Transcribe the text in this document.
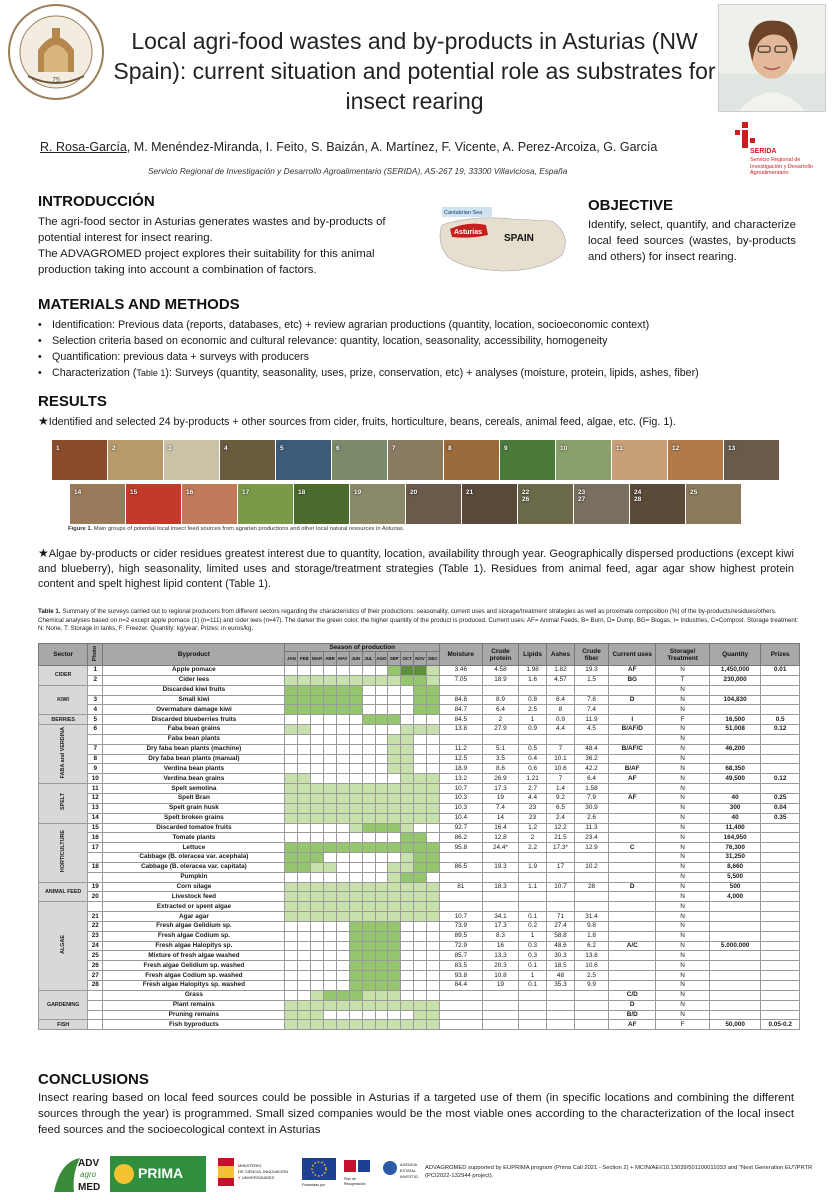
75
Local agri-food wastes and by-products in Asturias (NW Spain): current situation and potential role as substrates for insect rearing
R. Rosa-García, M. Menéndez-Miranda, I. Feito, S. Baizán, A. Martínez, F. Vicente, A. Perez-Arcoiza, G. García
Servicio Regional de Investigación y Desarrollo Agroalimentario (SERIDA), AS-267 19, 33300 Villaviciosa, España
SERIDA
Servicio Regional de Investigación y Desarrollo Agroalimentario
INTRODUCCIÓN

The agri-food sector in Asturias generates wastes and by-products of potential interest for insect rearing.

The ADVAGROMED project explores their suitability for this animal production taking into account a combination of factors.

Cantabrian Sea
Asturias
SPAIN
OBJECTIVE
Identify, select, quantify, and characterize local feed sources (wastes, by-products and others) for insect rearing.
MATERIALS AND METHODS
• Identification: Previous data (reports, databases, etc) + review agrarian productions (quantity, location, socioeconomic context)
• Selection criteria based on economic and cultural relevance: quantity, location, seasonality, accessibility, homogeneity
• Quantification: previous data + surveys with producers
• Characterization (Table 1): Surveys (quantity, seasonality, uses, prize, conservation, etc) + analyses (moisture, protein, lipids, ashes, fiber)
RESULTS
★Identified and selected 24 by-products + other sources from cider, fruits, horticulture, beans, cereals, animal feed, algae, etc. (Fig. 1).
1	2	3	4	5	6	7	8	9	10	11	12	13
14	15	16	17	18	19	20	21	22
26
23
27
24
28
25
Figure 1. Main groups of potential local insect feed sources from agrarian productions and other local natural resources in Asturias.
★Algae by-products or cider residues greatest interest due to quantity, location, availability through year. Geographically dispersed productions (except kiwi and blueberry), high seasonality, limited uses and storage/treatment strategies (Table 1). Residues from animal feed, agar agar show highest protein content and spelt highest lipid content (Table 1).
Table 1. Summary of the surveys carried out to regional producers from different sectors regarding the characteristics of their productions: seasonality, current uses and storage/treatment strategies as well as proximate composition (%) of the by-products/residues/others. Chemical analyses based on n=2 except apple pomace (1) (n=111) and cider lees (n=47). The darker the green color, the higher quantity of the product is produced. Current uses: AF= Animal Feeds, B= Burn, D= Dump, BG= Biogas, I= Industries, C=Compost. Storage treatment: N: None, T: Storage in tanks, F: Freezer. Quantity: kg/year; Prizes: in euros/kg.
Sector	Photo	Byproduct	Season of production												Moisture	Crude protein	Lipids	Ashes	Crude fiber	Current uses	Storage/ Treatment	Quantity	Prizes
			JAN	FEB	MAR	ABR	MAY	JUN	JUL	AGO	SEP	OCT	NOV	DEC									
CIDER	1	Apple pomace													3.46	4.58	1.98	1.82	19.3	AF	N	1,450,000	0.01
	2	Cider lees													7.05	18.9	1.6	4.57	1.5	BG	T	230,000	
KIWI		Discarded kiwi fruits																			N		
	3	Small kiwi													84.8	8.9	0.8	8.4	7.8	D	N	104,830	
	4	Overmature damage kiwi													84.7	6.4	2.5	8	7.4		N		
BERRIES	5	Discarded blueberries fruits													84.5	2	1	0.9	11.9	I	F	16,500	0.5
FABA and VERDINA	6	Faba bean grains													13.8	27.9	0.9	4.4	4.5	B/AF/D	N	51,008	0.12
		Faba bean plants																			N		
	7	Dry faba bean plants (machine)													11.2	5.1	0.5	7	48.4	B/AF/C	N	46,200	
	8	Dry faba bean plants (manual)													12.5	3.5	0.4	10.1	36.2		N		
	9	Verdina bean plants													18.9	8.6	0.6	10.6	42.2	B/AF	N	68,350	
	10	Verdina bean grains													13.2	26.9	1.21	7	6.4	AF	N	49,500	0.12
SPELT	11	Spelt semolina													10.7	17.3	2.7	1.4	1.58		N		
	12	Spelt Bran													10.3	19	4.4	9.2	7.9	AF	N	40	0.25
	13	Spelt grain husk													10.3	7.4	23	6.5	30.9		N	300	0.04
	14	Spelt broken grains													10.4	14	23	2.4	2.6		N	40	0.35
HORTICULTURE	15	Discarded tomatoe fruits													92.7	16.4	1.2	12.2	11.3		N	11,400	
	16	Tomate plants													86.2	12.8	2	21.5	23.4		N	164,950	
	17	Lettuce													95.8	24.4*	2.2	17.3*	12.9	C	N	76,300	
		Cabbage (B. oleracea var. acephala)																			N	31,250	
	18	Cabbage (B. oleracea var. capitata)													86.5	19.3	1.9	17	10.2		N	8,660	
		Pumpkin																			N	5,500	
ANIMAL FEED	19	Corn silage													81	18.3	1.1	10.7	28	D	N	500	
	20	Livestock feed																			N	4,000	
ALGAE		Extracted or spent algae																			N		
	21	Agar agar													10.7	34.1	0.1	71	31.4		N		
	22	Fresh algae Gelidium sp.													73.9	17.3	0.2	27.4	9.8		N		
	23	Fresh algae Codium sp.													89.5	8.3	1	58.8	1.8		N		
	24	Fresh algae Halopitys sp.													72.9	16	0.3	48.6	6.2	A/C	N	5.000.000	
	25	Mixture of fresh algae washed													85.7	13.3	0.3	30.3	13.8		N		
	26	Fresh algae Gelidium sp. washed													83.5	20.3	0.1	18.5	10.6		N		
	27	Fresh algae Codium sp. washed													93.8	10.8	1	48	2.5		N		
	28	Fresh algae Halopitys sp. washed													84.4	19	0.1	35.3	9.9		N		
GARDENING		Grass																		C/D	N		
		Plant remains																		D	N		
		Pruning remains																		B/D	N		
FISH		Fish byproducts																		AF	F	50,000	0.05-0.2
CONCLUSIONS
Insect rearing based on local feed sources could be possible in Asturias if a targeted use of them (in specific locations and combining the different sources through the year) is programmed. Small sized companies would be the most viable ones according to the characterization of the local insect feed sources and the socioecological context in Asturias
ADV
agro
MED
PRIMA	MINISTERIO
DE CIENCIA, INNOVACIÓN
Y UNIVERSIDADES
Financiado por
Plan de
Recuperación
AGENCIA
ESTATAL
INVESTIG.
ADVAGROMED supported by EUPRIMA program (Prima Call 2021 - Section 2) + MCIN/AEI/10.13039/501100011033 and "Next Generation EU"/PRTR (PCI2022-132944 project).
